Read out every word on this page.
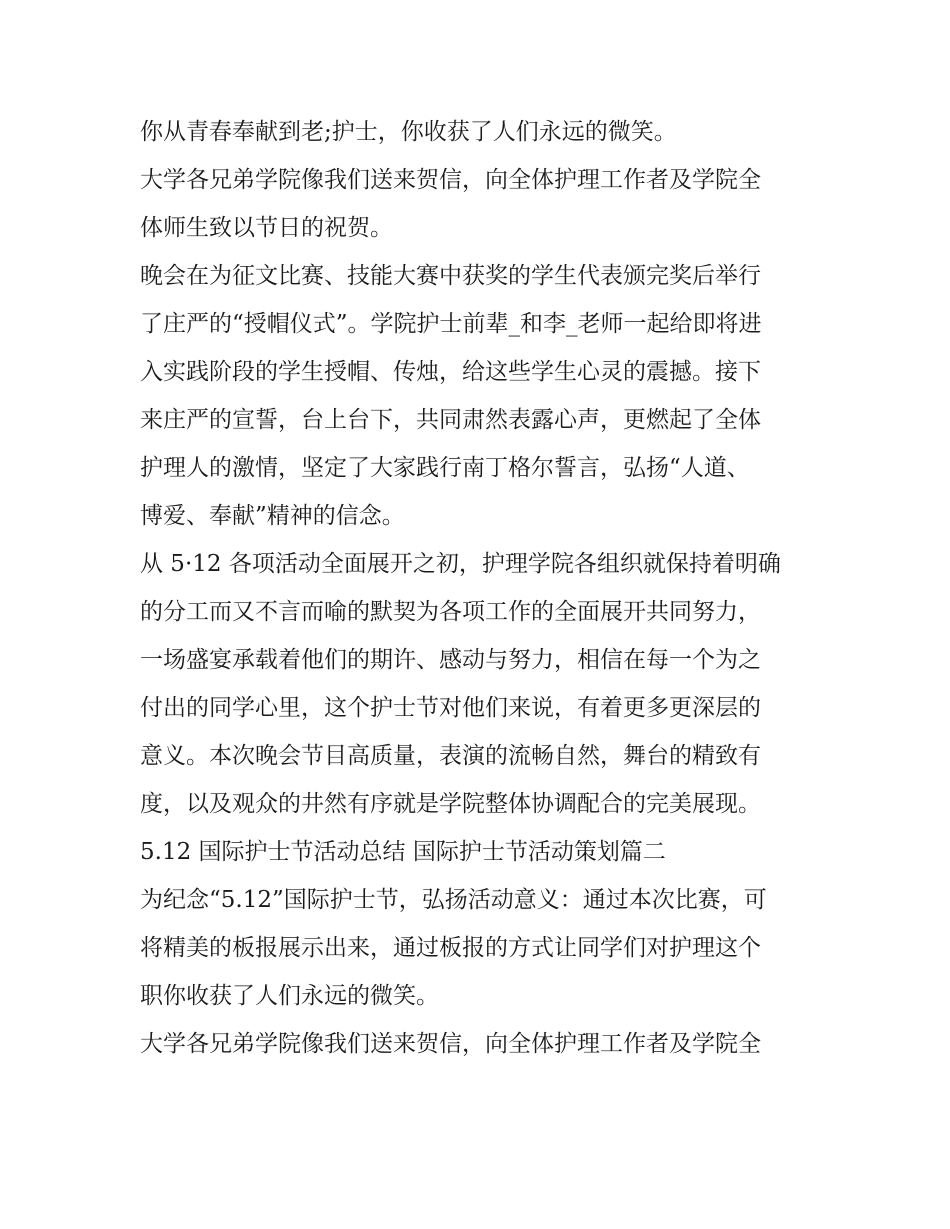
你从青春奉献到老;护士，你收获了人们永远的微笑。
大学各兄弟学院像我们送来贺信，向全体护理工作者及学院全
体师生致以节日的祝贺。
晚会在为征文比赛、技能大赛中获奖的学生代表颁完奖后举行
了庄严的“授帽仪式”。学院护士前辈_和李_老师一起给即将进
入实践阶段的学生授帽、传烛，给这些学生心灵的震撼。接下
来庄严的宣誓，台上台下，共同肃然表露心声，更燃起了全体
护理人的激情，坚定了大家践行南丁格尔誓言，弘扬“人道、
博爱、奉献”精神的信念。
从 5·12 各项活动全面展开之初，护理学院各组织就保持着明确
的分工而又不言而喻的默契为各项工作的全面展开共同努力，
一场盛宴承载着他们的期许、感动与努力，相信在每一个为之
付出的同学心里，这个护士节对他们来说，有着更多更深层的
意义。本次晚会节目高质量，表演的流畅自然，舞台的精致有
度，以及观众的井然有序就是学院整体协调配合的完美展现。
5.12 国际护士节活动总结 国际护士节活动策划篇二
为纪念“5.12”国际护士节，弘扬活动意义：通过本次比赛，可
将精美的板报展示出来，通过板报的方式让同学们对护理这个
职你收获了人们永远的微笑。
大学各兄弟学院像我们送来贺信，向全体护理工作者及学院全
